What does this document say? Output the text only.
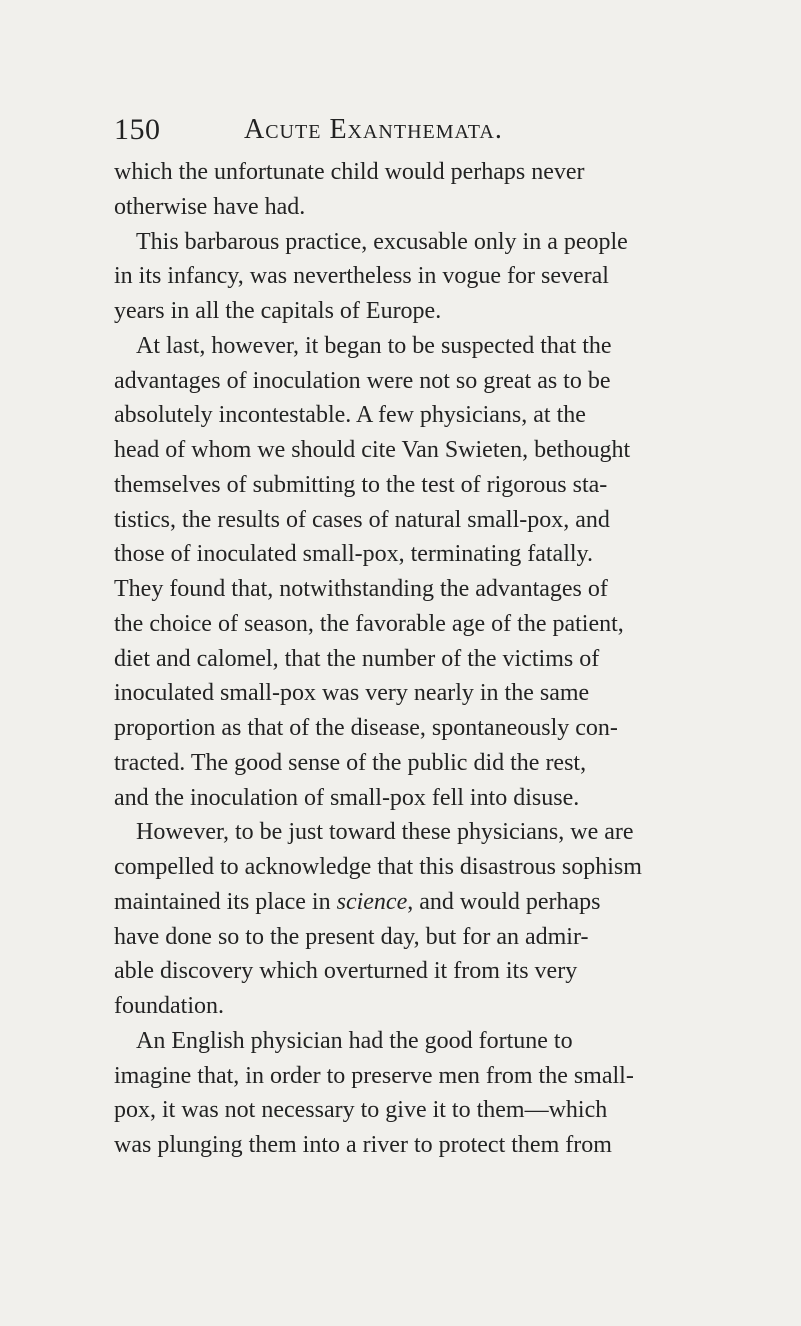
150	Acute Exanthemata.
which the unfortunate child would perhaps never
otherwise have had.
This barbarous practice, excusable only in a people
in its infancy, was nevertheless in vogue for several
years in all the capitals of Europe.
At last, however, it began to be suspected that the
advantages of inoculation were not so great as to be
absolutely incontestable. A few physicians, at the
head of whom we should cite Van Swieten, bethought
themselves of submitting to the test of rigorous sta-
tistics, the results of cases of natural small-pox, and
those of inoculated small-pox, terminating fatally.
They found that, notwithstanding the advantages of
the choice of season, the favorable age of the patient,
diet and calomel, that the number of the victims of
inoculated small-pox was very nearly in the same
proportion as that of the disease, spontaneously con-
tracted. The good sense of the public did the rest,
and the inoculation of small-pox fell into disuse.
However, to be just toward these physicians, we are
compelled to acknowledge that this disastrous sophism
maintained its place in science, and would perhaps
have done so to the present day, but for an admir-
able discovery which overturned it from its very
foundation.
An English physician had the good fortune to
imagine that, in order to preserve men from the small-
pox, it was not necessary to give it to them—which
was plunging them into a river to protect them from
